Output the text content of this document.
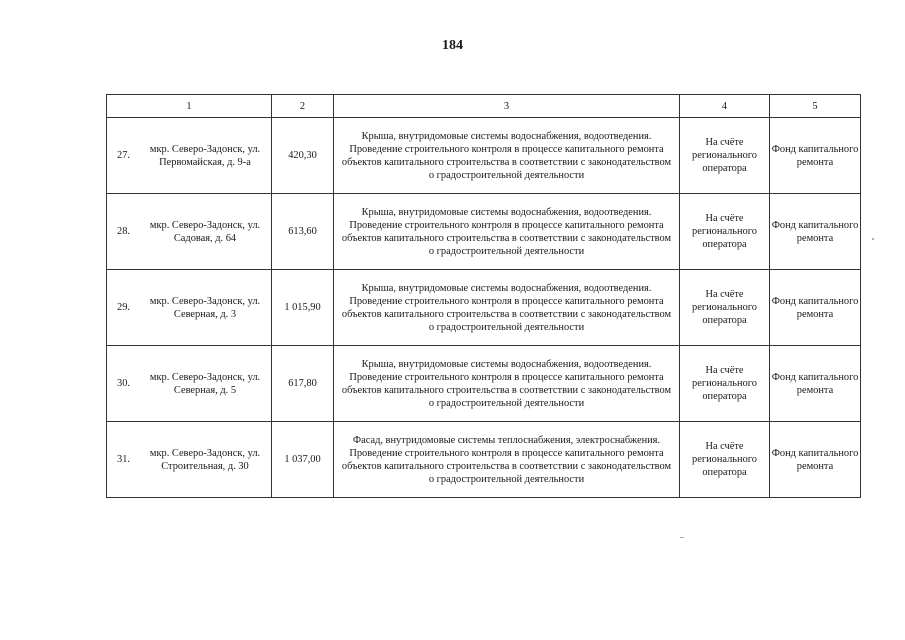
184
1	2	3	4	5

27.
мкр. Северо-Задонск, ул. Первомайская, д. 9-а	420,30	Крыша, внутридомовые системы водоснабжения, водоотведения. Проведение строительного контроля в процессе капитального ремонта объектов капитального строительства в соответствии с законодательством о градостроительной деятельности	На счёте регионального оператора	Фонд капитального ремонта

28.
мкр. Северо-Задонск, ул. Садовая, д. 64	613,60	Крыша, внутридомовые системы водоснабжения, водоотведения. Проведение строительного контроля в процессе капитального ремонта объектов капитального строительства в соответствии с законодательством о градостроительной деятельности	На счёте регионального оператора	Фонд капитального ремонта

29.
мкр. Северо-Задонск, ул. Северная, д. 3	1 015,90	Крыша, внутридомовые системы водоснабжения, водоотведения. Проведение строительного контроля в процессе капитального ремонта объектов капитального строительства в соответствии с законодательством о градостроительной деятельности	На счёте регионального оператора	Фонд капитального ремонта

30.
мкр. Северо-Задонск, ул. Северная, д. 5	617,80	Крыша, внутридомовые системы водоснабжения, водоотведения. Проведение строительного контроля в процессе капитального ремонта объектов капитального строительства в соответствии с законодательством о градостроительной деятельности	На счёте регионального оператора	Фонд капитального ремонта

31.
мкр. Северо-Задонск, ул. Строительная, д. 30	1 037,00	Фасад, внутридомовые системы теплоснабжения, электроснабжения. Проведение строительного контроля в процессе капитального ремонта объектов капитального строительства в соответствии с законодательством о градостроительной деятельности	На счёте регионального оператора	Фонд капитального ремонта
